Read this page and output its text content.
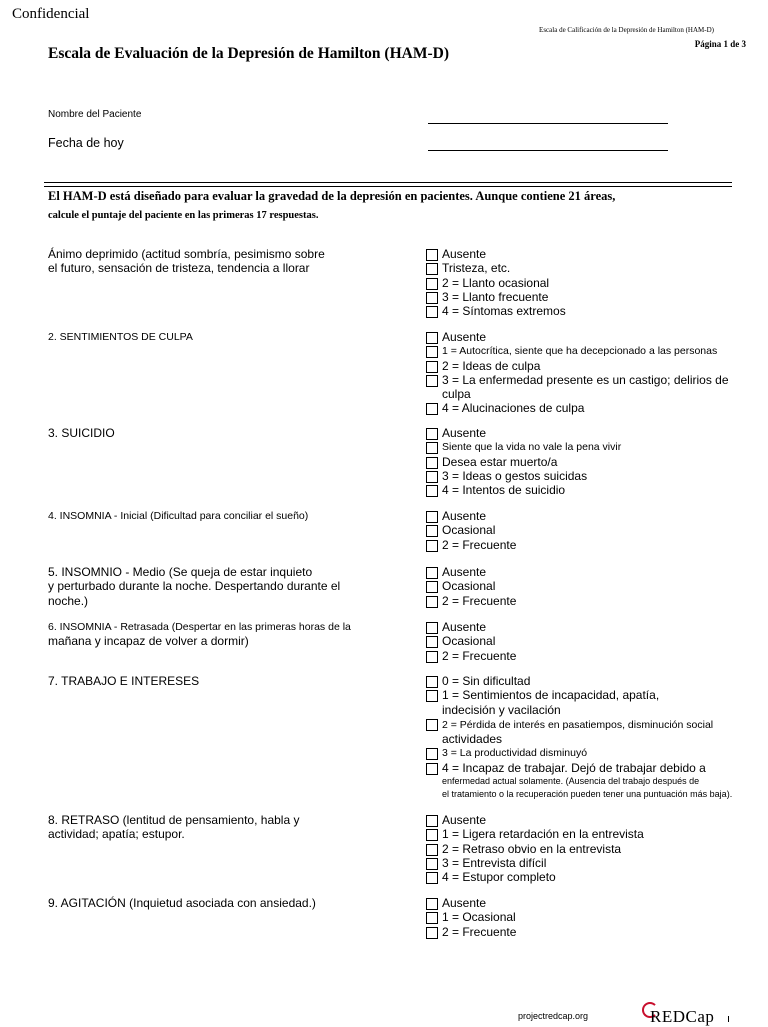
Confidencial
Escala de Calificación de la Depresión de Hamilton (HAM-D)
Página 1 de 3
Escala de Evaluación de la Depresión de Hamilton (HAM-D)
Nombre del Paciente
Fecha de hoy
El HAM-D está diseñado para evaluar la gravedad de la depresión en pacientes. Aunque contiene 21 áreas,
calcule el puntaje del paciente en las primeras 17 respuestas.
Ánimo deprimido (actitud sombría, pesimismo sobre
el futuro, sensación de tristeza, tendencia a llorar
Ausente
Tristeza, etc.
2 = Llanto ocasional
3 = Llanto frecuente
4 = Síntomas extremos
2. SENTIMIENTOS DE CULPA	Ausente
1 = Autocrítica, siente que ha decepcionado a las personas
2 = Ideas de culpa
3 = La enfermedad presente es un castigo; delirios de
culpa
4 = Alucinaciones de culpa
3. SUICIDIO	Ausente
Siente que la vida no vale la pena vivir
Desea estar muerto/a
3 = Ideas o gestos suicidas
4 = Intentos de suicidio
4. INSOMNIA - Inicial (Dificultad para conciliar el sueño)	Ausente
Ocasional
2 = Frecuente
5. INSOMNIO - Medio (Se queja de estar inquieto
y perturbado durante la noche. Despertando durante el
noche.)
Ausente
Ocasional
2 = Frecuente
6. INSOMNIA - Retrasada (Despertar en las primeras horas de la
mañana y incapaz de volver a dormir)
Ausente
Ocasional
2 = Frecuente
7. TRABAJO E INTERESES	0 = Sin dificultad
1 = Sentimientos de incapacidad, apatía,
indecisión y vacilación
2 = Pérdida de interés en pasatiempos, disminución social
actividades
3 = La productividad disminuyó
4 = Incapaz de trabajar. Dejó de trabajar debido a
enfermedad actual solamente. (Ausencia del trabajo después de
el tratamiento o la recuperación pueden tener una puntuación más baja).
8. RETRASO (lentitud de pensamiento, habla y
actividad; apatía; estupor.
Ausente
1 = Ligera retardación en la entrevista
2 = Retraso obvio en la entrevista
3 = Entrevista difícil
4 = Estupor completo
9. AGITACIÓN (Inquietud asociada con ansiedad.)	Ausente
1 = Ocasional
2 = Frecuente
projectredcap.org	REDCap
